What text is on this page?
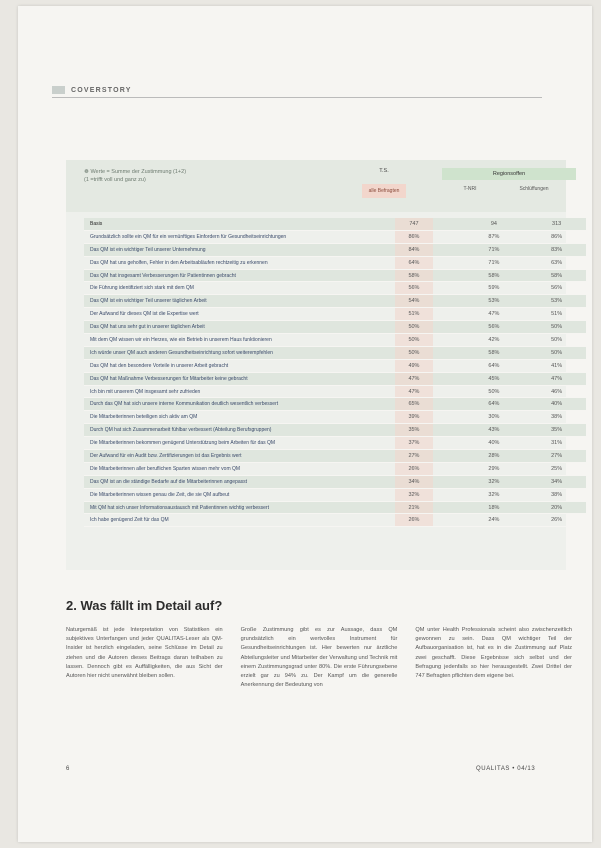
COVERSTORY
☸ Werte = Summe der Zustimmung (1+2)
(1 =trifft voll und ganz zu)
T.S.
alle Befragten
Regionsoffen
T-NRI	Schlüffungen
Basis	747	94	313
Grundsätzlich sollte ein QM für ein vernünftiges Einfordern für Gesundheitseinrichtungen	86%	87%	86%
Das QM ist ein wichtiger Teil unserer Unternehmung	84%	71%	83%
Das QM hat uns geholfen, Fehler in den Arbeitsabläufen rechtzeitig zu erkennen	64%	71%	63%
Das QM hat insgesamt Verbesserungen für Patientinnen gebracht	58%	58%	58%
Die Führung identifiziert sich stark mit dem QM	56%	59%	56%
Das QM ist ein wichtiger Teil unserer täglichen Arbeit	54%	53%	53%
Der Aufwand für dieses QM ist die Expertise wert	51%	47%	51%
Das QM hat uns sehr gut in unserer täglichen Arbeit	50%	56%	50%
Mit dem QM wissen wir ein Herzes, wie ein Betrieb in unserem Haus funktionieren	50%	42%	50%
Ich würde unser QM auch anderen Gesundheitseinrichtung sofort weiterempfehlen	50%	58%	50%
Das QM hat den besondere Vorteile in unserer Arbeit gebracht	49%	64%	41%
Das QM hat Maßnahme Verbesserungen für Mitarbeiter keine gebracht	47%	45%	47%
Ich bin mit unserem QM insgesamt sehr zufrieden	47%	50%	46%
Durch das QM hat sich unsere interne Kommunikation deutlich wesentlich verbessert	65%	64%	40%
Die Mitarbeiterinnen beteiligen sich aktiv am QM	39%	30%	38%
Durch QM hat sich Zusammenarbeit fühlbar verbessert (Abteilung Berufsgruppen)	35%	43%	35%
Die Mitarbeiterinnen bekommen genügend Unterstützung beim Arbeiten für das QM	37%	40%	31%
Der Aufwand für ein Audit bzw. Zertifizierungen ist das Ergebnis wert	27%	28%	27%
Die Mitarbeiterinnen aller beruflichen Sparten wissen mehr vom QM	26%	29%	25%
Das QM ist an die ständige Bedarfe auf die Mitarbeiterinnen angepasst	34%	32%	34%
Die Mitarbeiterinnen wissen genau die Zeit, die sie QM aufbeut	32%	32%	38%
Mit QM hat sich unser Informationsaustausch mit Patientinnen wichtig verbessert	21%	18%	20%
Ich habe genügend Zeit für das QM	26%	24%	26%
2. Was fällt im Detail auf?
Naturgemäß ist jede Interpretation von Statistiken ein subjektives Unterfangen und jeder QUALITAS-Leser als QM-Insider ist herzlich eingeladen, seine Schlüsse im Detail zu ziehen und die Autoren dieses Beitrags daran teilhaben zu lassen. Dennoch gibt es Auffälligkeiten, die aus Sicht der Autoren hier nicht unerwähnt bleiben sollen.
Große Zustimmung gibt es zur Aussage, dass QM grundsätzlich ein wertvolles Instrument für Gesundheitseinrichtungen ist. Hier bewerten nur ärztliche Abteilungsleiter und Mitarbeiter der Verwaltung und Technik mit einem Zustimmungsgrad unter 80%. Die erste Führungsebene erzielt gar zu 94% zu. Der Kampf um die generelle Anerkennung der Bedeutung von
QM unter Health Professionals scheint also zwischenzeitlich gewonnen zu sein. Dass QM wichtiger Teil der Aufbauorganisation ist, hat es in die Zustimmung auf Platz zwei geschafft. Diese Ergebnisse sich selbst und der Befragung jedenfalls so hier herausgestellt. Zwei Drittel der 747 Befragten pflichten dem eigene bei.
6	QUALITAS • 04/13
